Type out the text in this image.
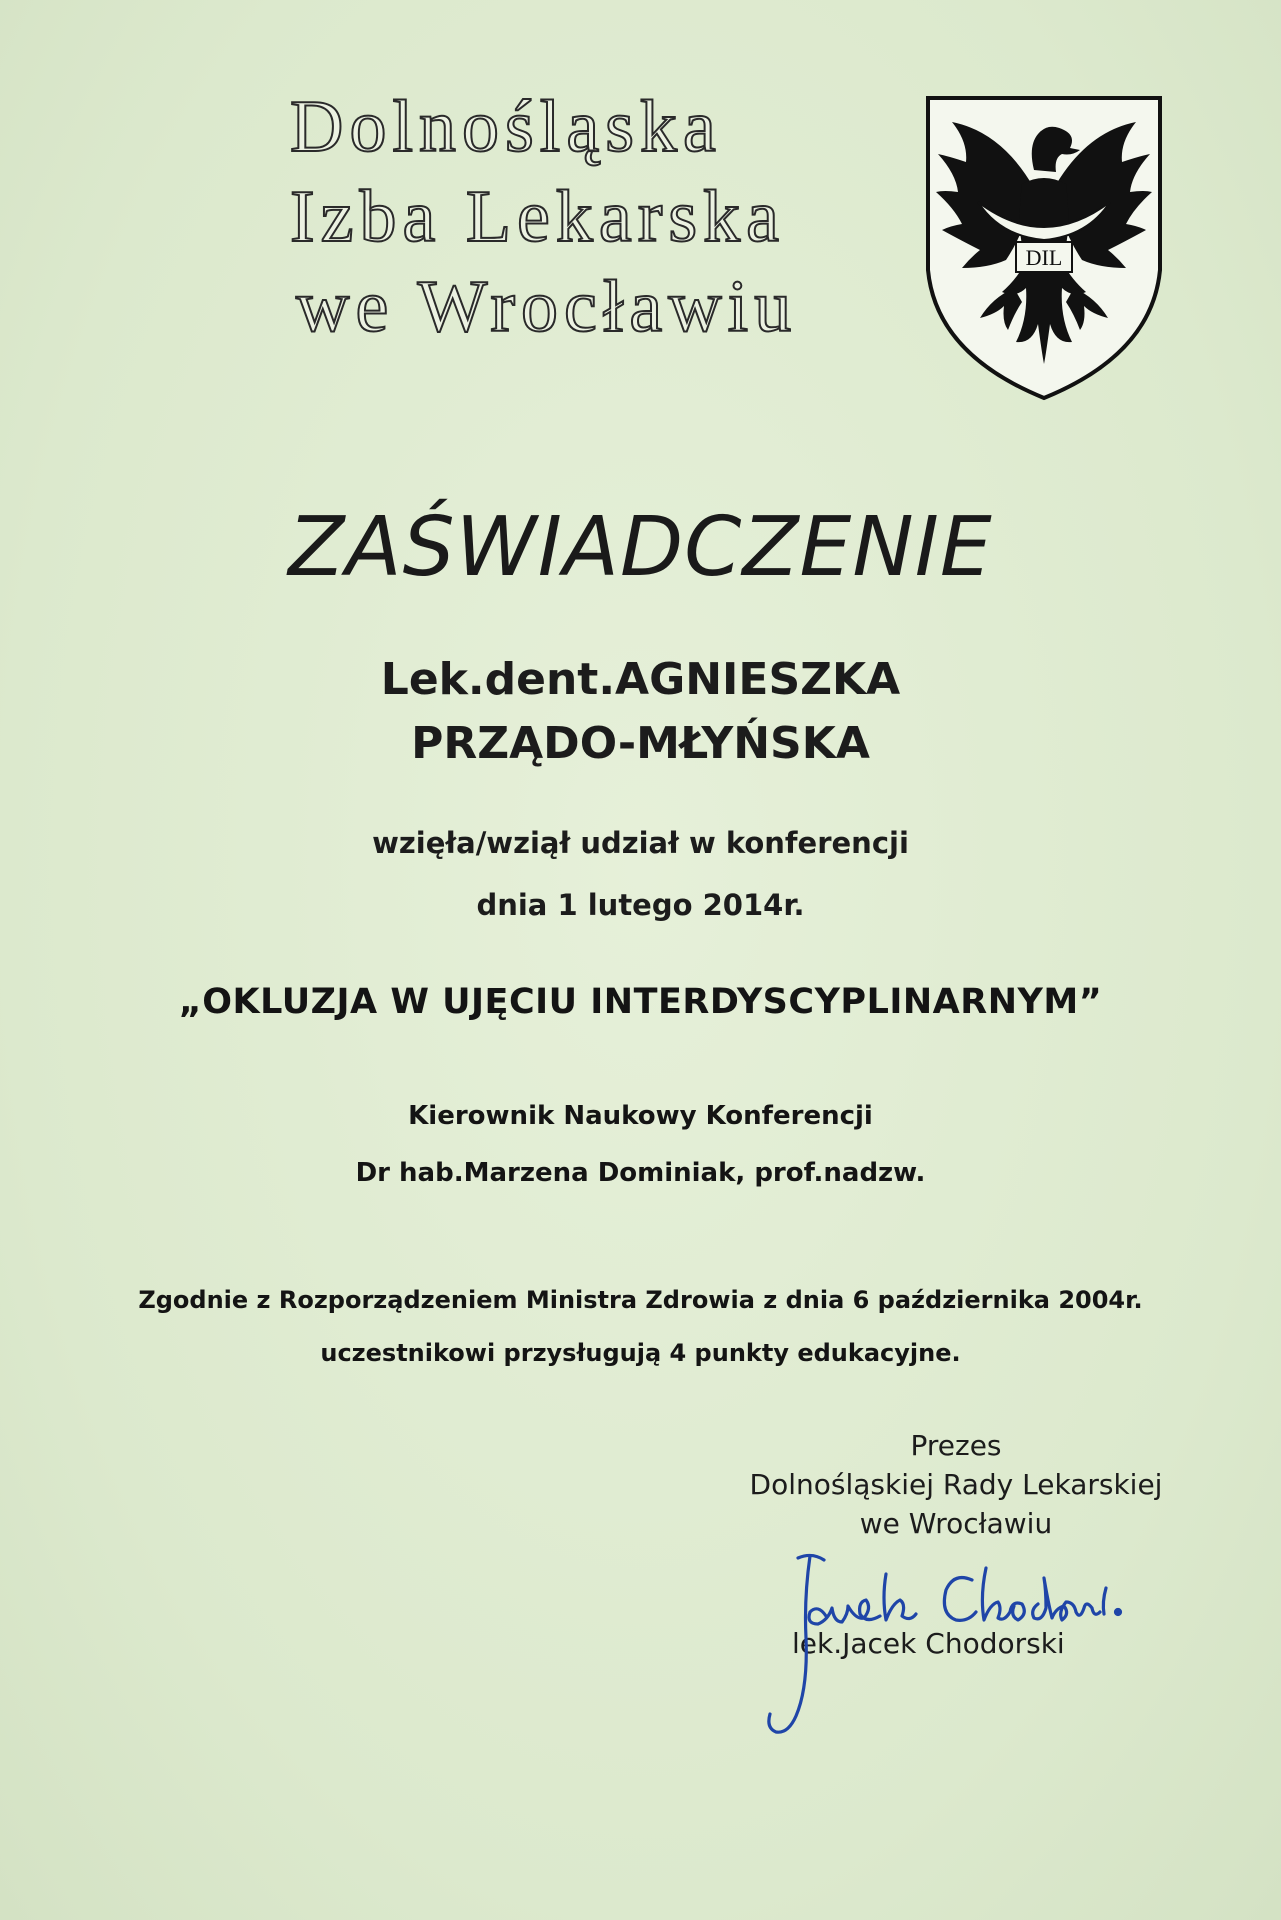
Dolnośląska
Izba Lekarska
we Wrocławiu
DIL
ZAŚWIADCZENIE
Lek.dent.AGNIESZKA
PRZĄDO-MŁYŃSKA
wzięła/wziął udział w konferencji
dnia 1 lutego 2014r.
„OKLUZJA W UJĘCIU INTERDYSCYPLINARNYM”
Kierownik Naukowy Konferencji
Dr hab.Marzena Dominiak, prof.nadzw.
Zgodnie z Rozporządzeniem Ministra Zdrowia z dnia 6 października 2004r.
uczestnikowi przysługują 4 punkty edukacyjne.
Prezes
Dolnośląskiej Rady Lekarskiej
we Wrocławiu
lek.Jacek Chodorski
